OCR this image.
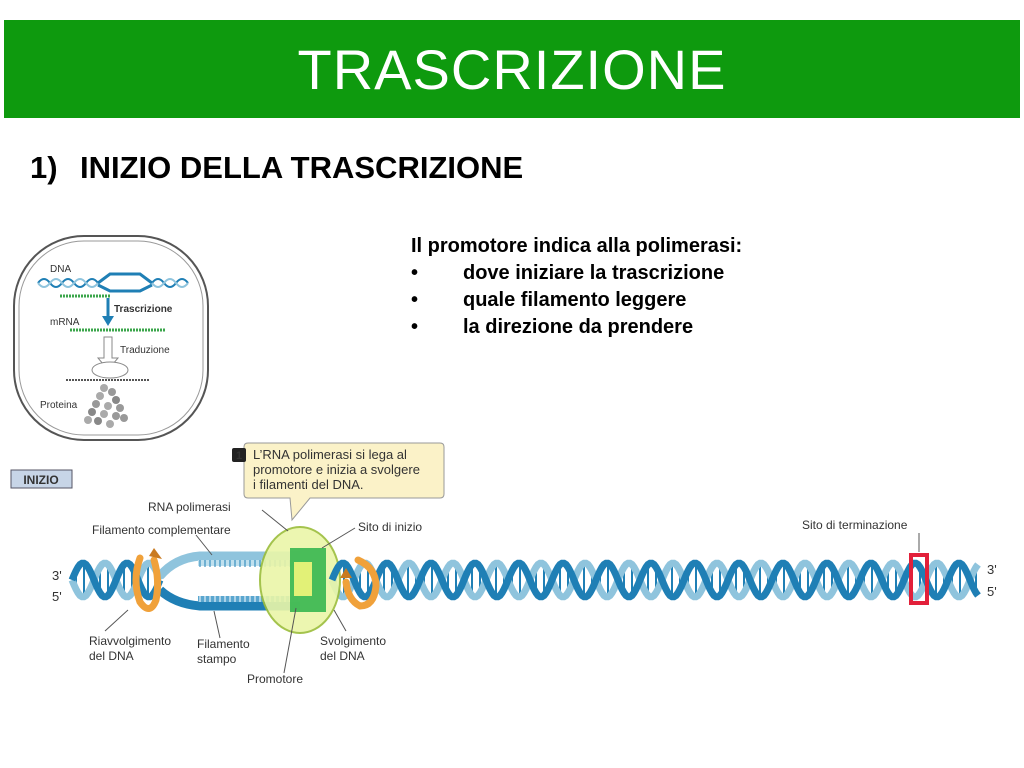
TRASCRIZIONE
1) INIZIO DELLA TRASCRIZIONE
Il promotore indica alla polimerasi:
• dove iniziare la trascrizione
• quale filamento leggere
• la direzione da prendere
DNA
Trascrizione
mRNA
Traduzione
Proteina
INIZIO
1 L’RNA polimerasi si lega al
promotore e inizia a svolgere
i filamenti del DNA.
RNA polimerasi
Filamento complementare	Sito di inizio	Sito di terminazione
Riavvolgimento
del DNA
Filamento
stampo
Svolgimento
del DNA
Promotore
3'
5'
3'
5'
